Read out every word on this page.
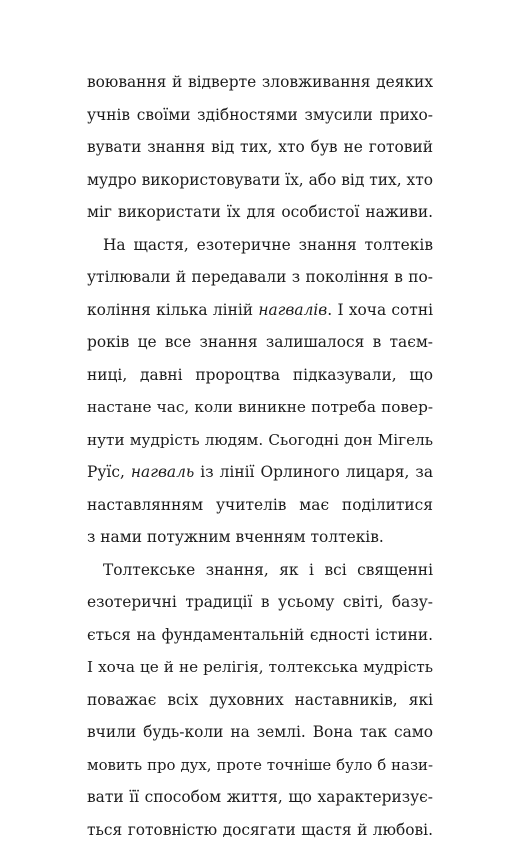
воювання й відверте зловживання деяких
учнів своїми здібностями змусили прихо-
вувати знання від тих, хто був не готовий
мудро використовувати їх, або від тих, хто
міг використати їх для особистої наживи.
На щастя, езотеричне знання толтеків
утілювали й передавали з покоління в по-
коління кілька ліній нагвалів. І хоча сотні
років це все знання залишалося в таєм-
ниці, давні пророцтва підказували, що
настане час, коли виникне потреба повер-
нути мудрість людям. Сьогодні дон Мігель
Руїс, нагваль із лінії Орлиного лицаря, за
наставлянням учителів має поділитися
з нами потужним вченням толтеків.
Толтекське знання, як і всі священні
езотеричні традиції в усьому світі, базу-
ється на фундаментальній єдності істини.
І хоча це й не релігія, толтекська мудрість
поважає всіх духовних наставників, які
вчили будь-коли на землі. Вона так само
мовить про дух, проте точніше було б нази-
вати її способом життя, що характеризує-
ться готовністю досягати щастя й любові.
